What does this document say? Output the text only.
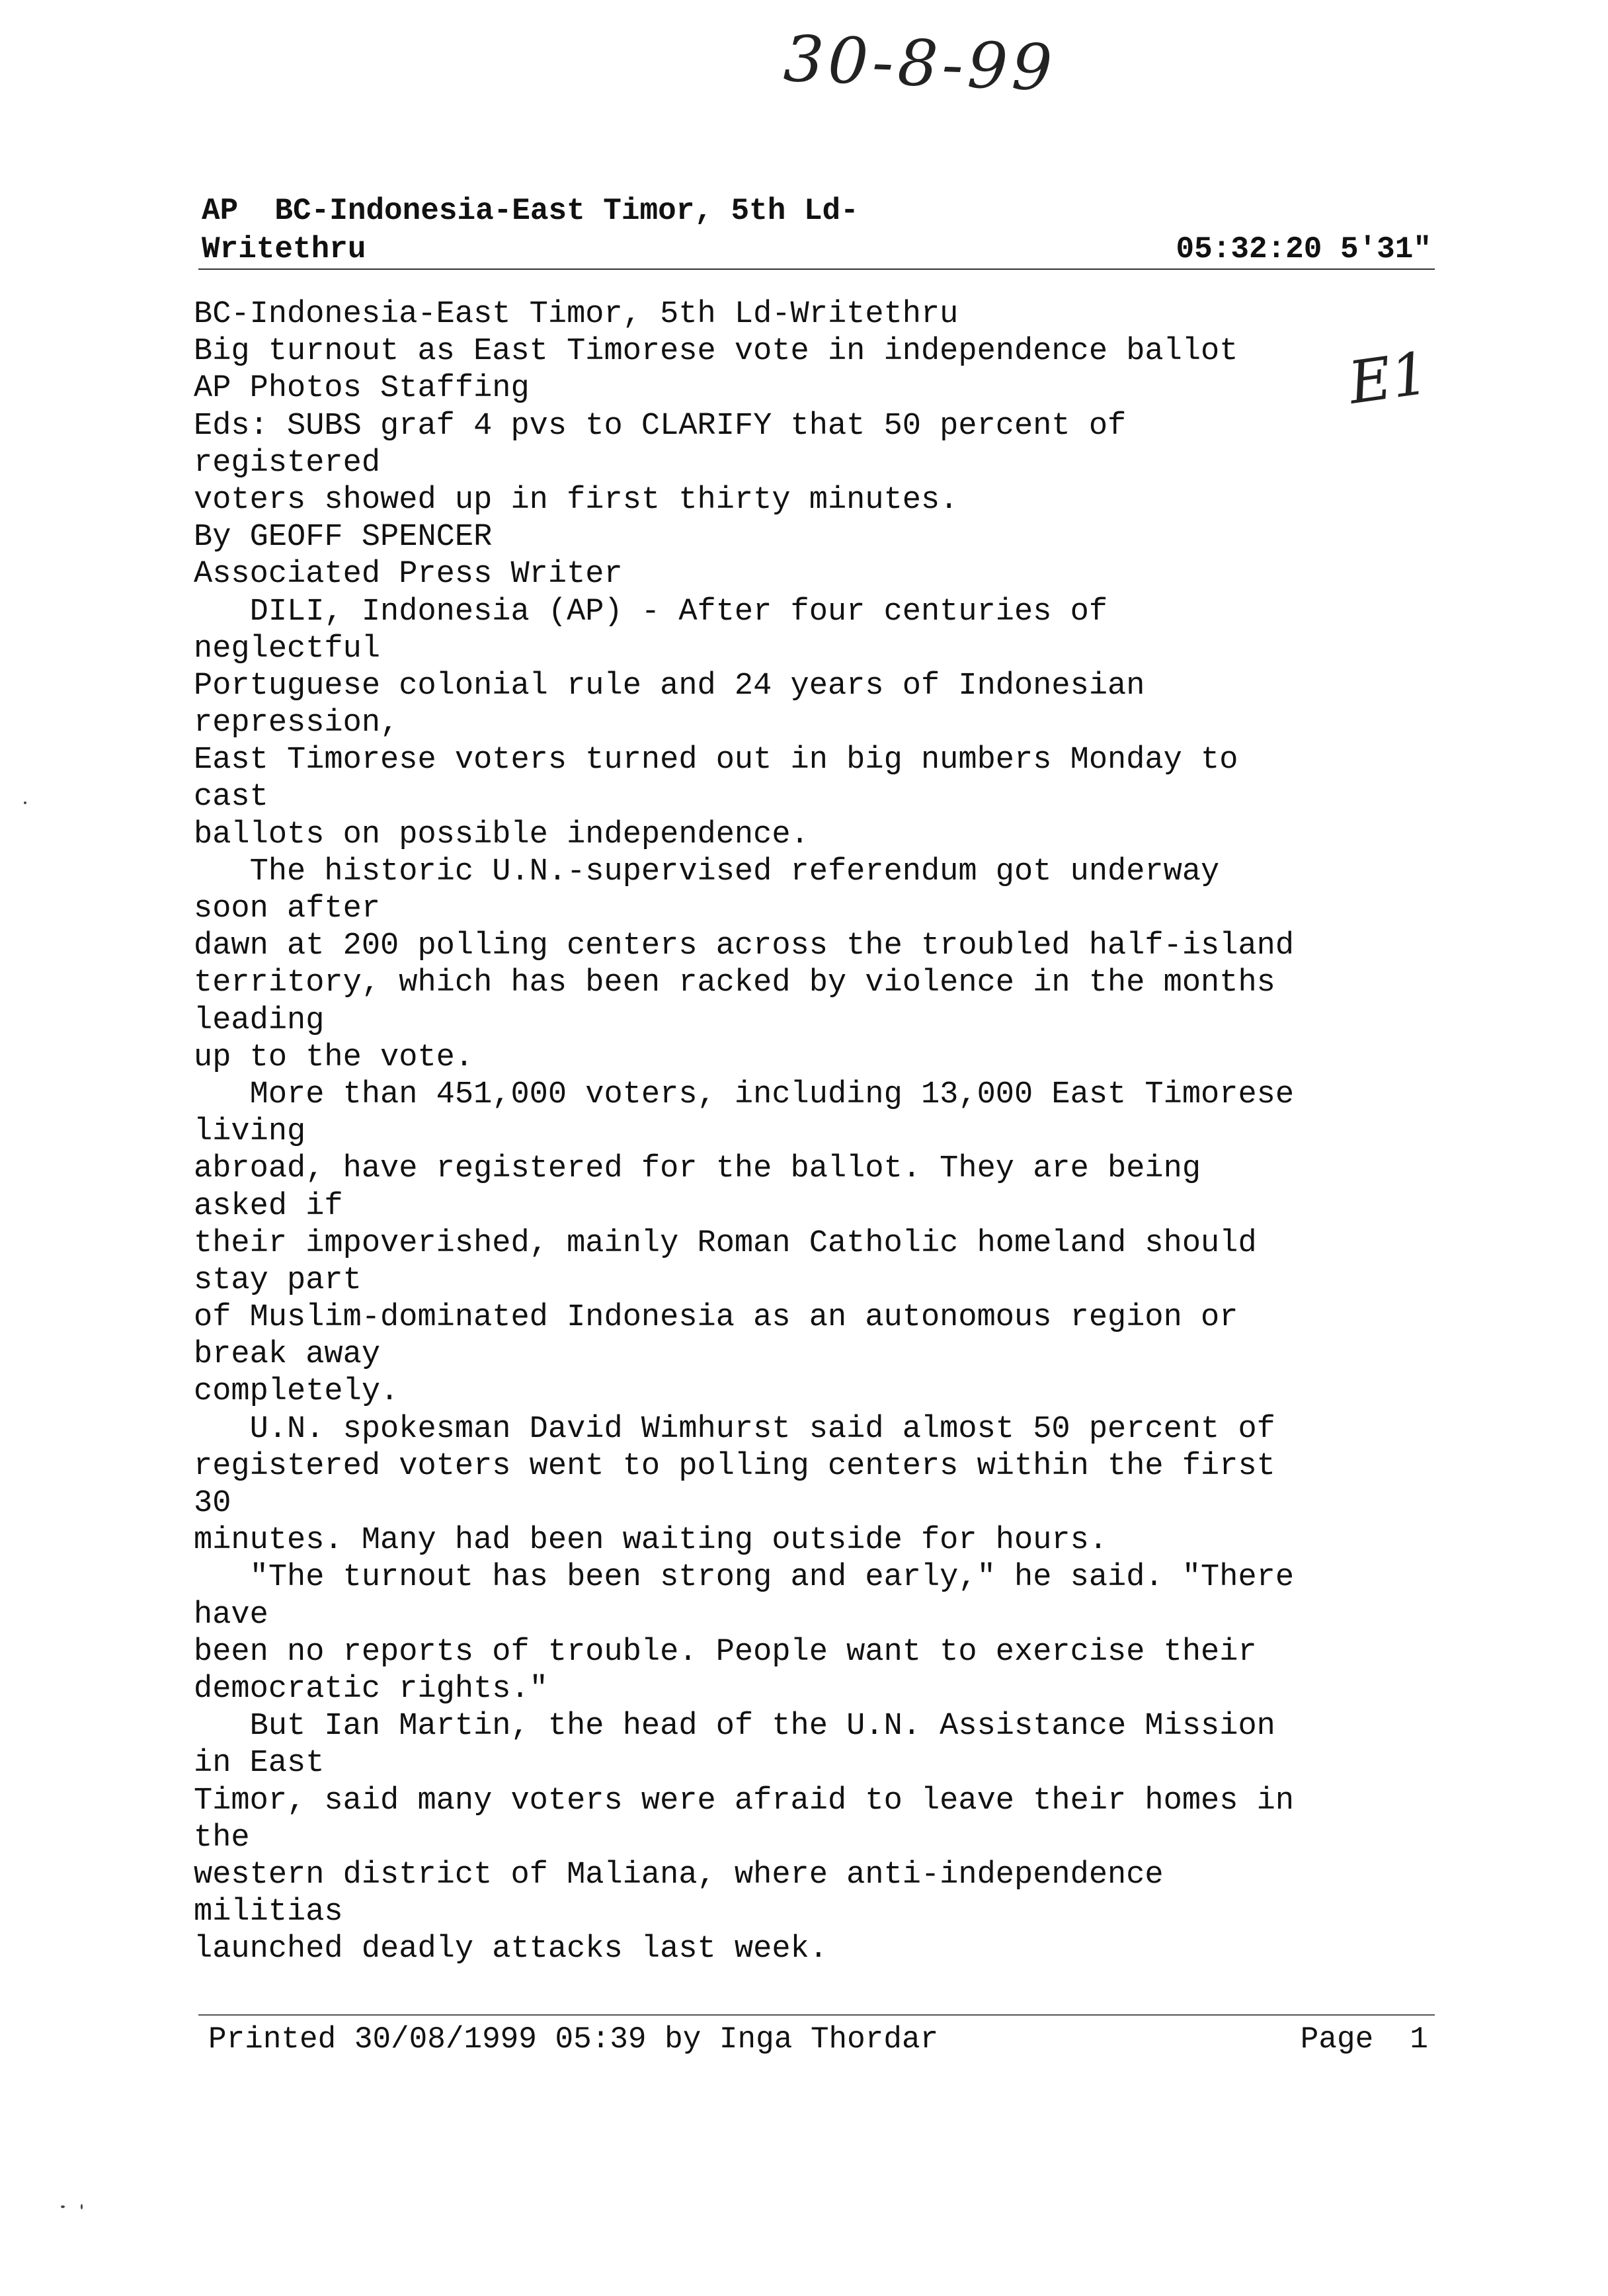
30-8-99
E1
AP  BC-Indonesia-East Timor, 5th Ld-
Writethru	05:32:20 5'31"
BC-Indonesia-East Timor, 5th Ld-Writethru
Big turnout as East Timorese vote in independence ballot
AP Photos Staffing
Eds: SUBS graf 4 pvs to CLARIFY that 50 percent of
registered
voters showed up in first thirty minutes.
By GEOFF SPENCER
Associated Press Writer
DILI, Indonesia (AP) - After four centuries of
neglectful
Portuguese colonial rule and 24 years of Indonesian
repression,
East Timorese voters turned out in big numbers Monday to
cast
ballots on possible independence.
The historic U.N.-supervised referendum got underway
soon after
dawn at 200 polling centers across the troubled half-island
territory, which has been racked by violence in the months
leading
up to the vote.
More than 451,000 voters, including 13,000 East Timorese
living
abroad, have registered for the ballot. They are being
asked if
their impoverished, mainly Roman Catholic homeland should
stay part
of Muslim-dominated Indonesia as an autonomous region or
break away
completely.
U.N. spokesman David Wimhurst said almost 50 percent of
registered voters went to polling centers within the first
30
minutes. Many had been waiting outside for hours.
"The turnout has been strong and early," he said. "There
have
been no reports of trouble. People want to exercise their
democratic rights."
But Ian Martin, the head of the U.N. Assistance Mission
in East
Timor, said many voters were afraid to leave their homes in
the
western district of Maliana, where anti-independence
militias
launched deadly attacks last week.
Printed 30/08/1999 05:39 by Inga Thordar	Page  1
